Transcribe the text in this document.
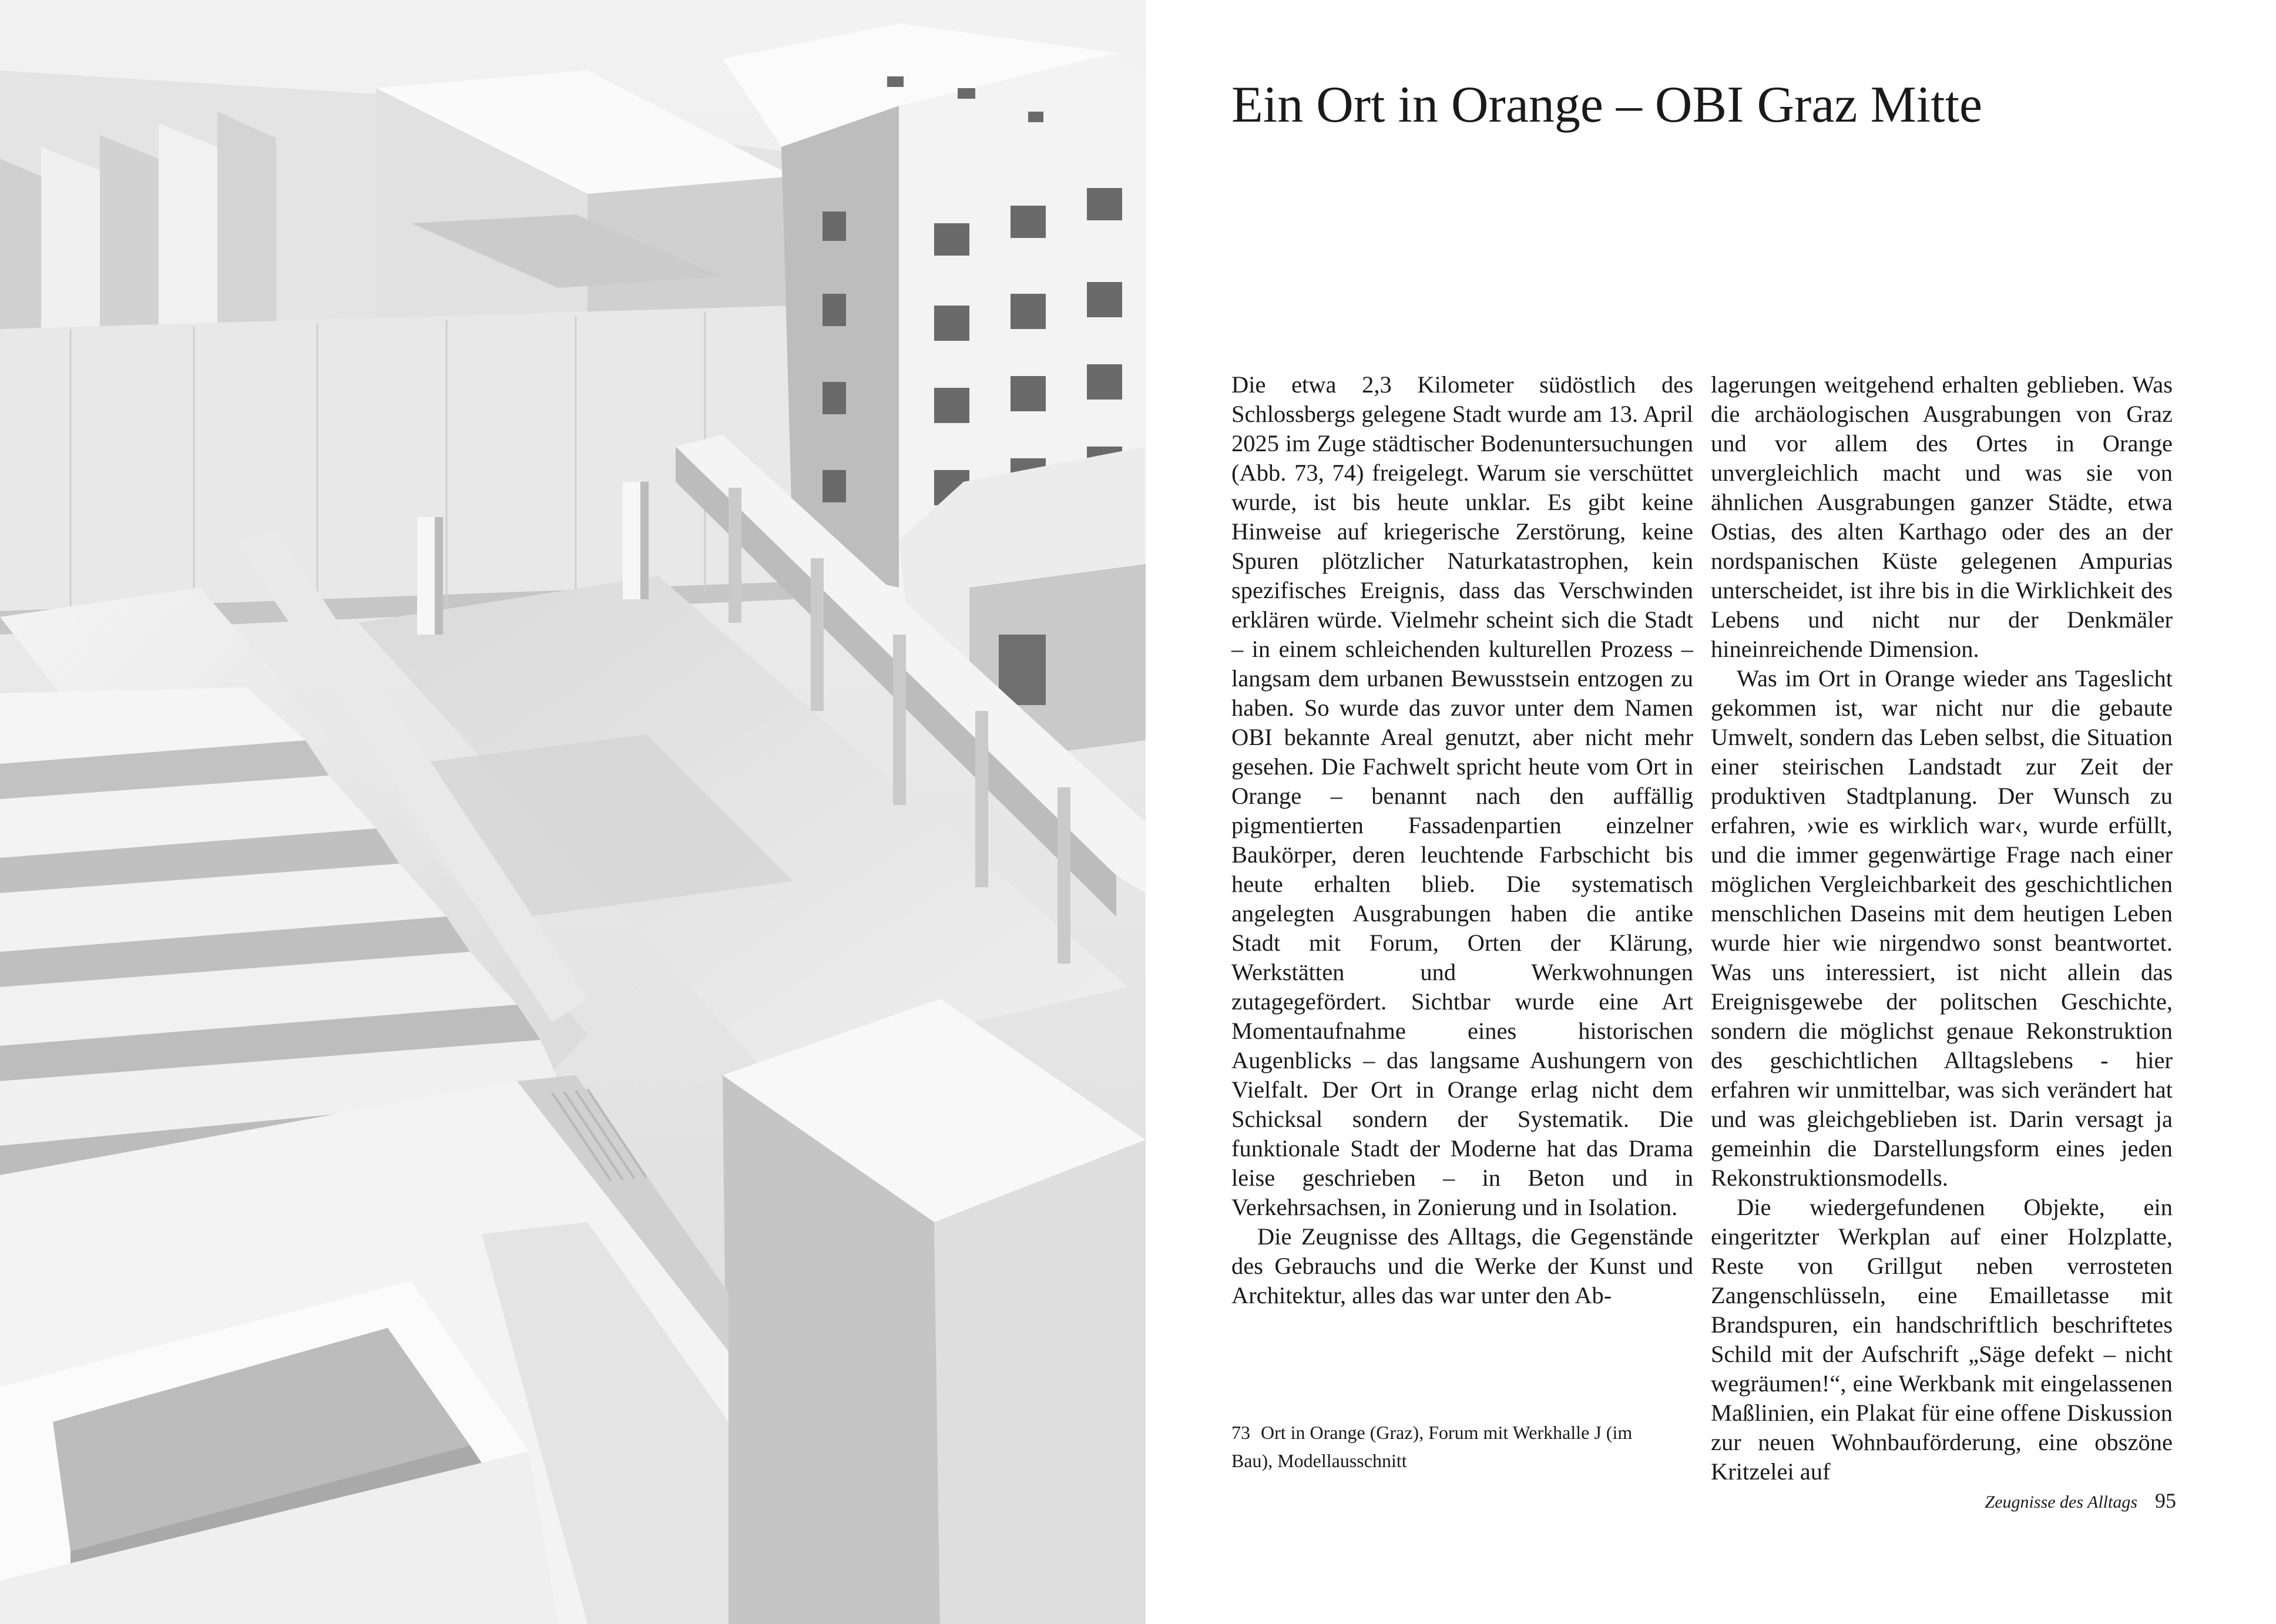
Ein Ort in Orange – OBI Graz Mitte

Die etwa 2,3 Kilometer südöstlich des Schlossbergs gelegene Stadt wurde am 13. April 2025 im Zuge städtischer Bodenuntersuchungen (Abb. 73, 74) freigelegt. Warum sie verschüttet wurde, ist bis heute unklar. Es gibt keine Hinweise auf kriegerische Zerstörung, keine Spuren plötzlicher Naturkatastrophen, kein spezifisches Ereignis, dass das Verschwinden erklären würde. Vielmehr scheint sich die Stadt – in einem schleichenden kulturellen Prozess – langsam dem urbanen Bewusstsein entzogen zu haben. So wurde das zuvor unter dem Namen OBI bekannte Areal genutzt, aber nicht mehr gesehen. Die Fachwelt spricht heute vom Ort in Orange – benannt nach den auffällig pigmentierten Fassadenpartien einzelner Baukörper, deren leuchtende Farbschicht bis heute erhalten blieb. Die systematisch angelegten Ausgrabungen haben die antike Stadt mit Forum, Orten der Klärung, Werkstätten und Werkwohnungen zutagegefördert. Sichtbar wurde eine Art Momentaufnahme eines historischen Augenblicks – das langsame Aushungern von Vielfalt. Der Ort in Orange erlag nicht dem Schicksal sondern der Systematik. Die funktionale Stadt der Moderne hat das Drama leise geschrieben – in Beton und in Verkehrsachsen, in Zonierung und in Isolation.

Die Zeugnisse des Alltags, die Gegenstände des Gebrauchs und die Werke der Kunst und Architektur, alles das war unter den Ab-

lagerungen weitgehend erhalten geblieben. Was die archäologischen Ausgrabungen von Graz und vor allem des Ortes in Orange unvergleichlich macht und was sie von ähnlichen Ausgrabungen ganzer Städte, etwa Ostias, des alten Karthago oder des an der nordspanischen Küste gelegenen Ampurias unterscheidet, ist ihre bis in die Wirklichkeit des Lebens und nicht nur der Denkmäler hineinreichende Dimension.

Was im Ort in Orange wieder ans Tageslicht gekommen ist, war nicht nur die gebaute Umwelt, sondern das Leben selbst, die Situation einer steirischen Landstadt zur Zeit der produktiven Stadtplanung. Der Wunsch zu erfahren, ›wie es wirklich war‹, wurde erfüllt, und die immer gegenwärtige Frage nach einer möglichen Vergleichbarkeit des geschichtlichen menschlichen Daseins mit dem heutigen Leben wurde hier wie nirgendwo sonst beantwortet. Was uns interessiert, ist nicht allein das Ereignisgewebe der politschen Geschichte, sondern die möglichst genaue Rekonstruktion des geschichtlichen Alltagslebens - hier erfahren wir unmittelbar, was sich verändert hat und was gleichgeblieben ist. Darin versagt ja gemeinhin die Darstellungsform eines jeden Rekonstruktionsmodells.

Die wiedergefundenen Objekte, ein eingeritzter Werkplan auf einer Holzplatte, Reste von Grillgut neben verrosteten Zangenschlüsseln, eine Emailletasse mit Brandspuren, ein handschriftlich beschriftetes Schild mit der Aufschrift „Säge defekt – nicht wegräumen!“, eine Werkbank mit eingelassenen Maßlinien, ein Plakat für eine offene Diskussion zur neuen Wohnbauförderung, eine obszöne Kritzelei auf

73 Ort in Orange (Graz), Forum mit Werkhalle J (im Bau), Modellausschnitt

Zeugnisse des Alltags 95
